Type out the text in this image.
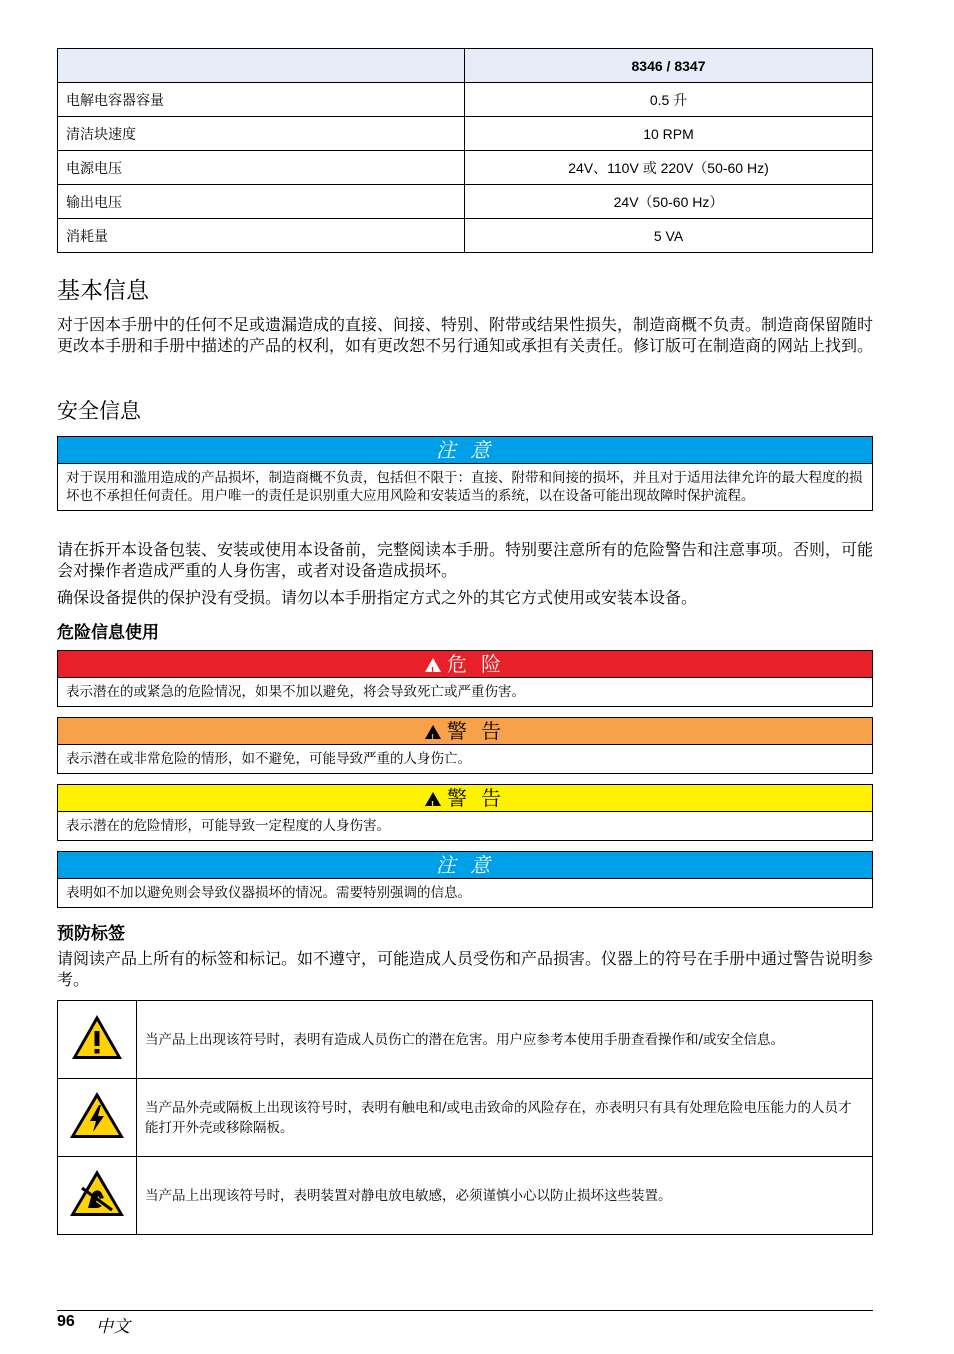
	8346 / 8347
电解电容器容量	0.5 升
清洁块速度	10 RPM
电源电压	24V、110V 或 220V（50-60 Hz)
输出电压	24V（50-60 Hz）
消耗量	5 VA
基本信息
对于因本手册中的任何不足或遗漏造成的直接、间接、特别、附带或结果性损失，制造商概不负责。制造商保留随时更改本手册和手册中描述的产品的权利，如有更改恕不另行通知或承担有关责任。修订版可在制造商的网站上找到。
安全信息
注 意
对于误用和滥用造成的产品损坏，制造商概不负责，包括但不限于：直接、附带和间接的损坏，并且对于适用法律允许的最大程度的损坏也不承担任何责任。用户唯一的责任是识别重大应用风险和安装适当的系统，以在设备可能出现故障时保护流程。
请在拆开本设备包装、安装或使用本设备前，完整阅读本手册。特别要注意所有的危险警告和注意事项。否则，可能会对操作者造成严重的人身伤害，或者对设备造成损坏。
确保设备提供的保护没有受损。请勿以本手册指定方式之外的其它方式使用或安装本设备。
危险信息使用
!危 险
表示潜在的或紧急的危险情况，如果不加以避免，将会导致死亡或严重伤害。
!警 告
表示潜在或非常危险的情形，如不避免，可能导致严重的人身伤亡。
!警 告
表示潜在的危险情形，可能导致一定程度的人身伤害。
注 意
表明如不加以避免则会导致仪器损坏的情况。需要特别强调的信息。
预防标签
请阅读产品上所有的标签和标记。如不遵守，可能造成人员受伤和产品损害。仪器上的符号在手册中通过警告说明参考。
	当产品上出现该符号时，表明有造成人员伤亡的潜在危害。用户应参考本使用手册查看操作和/或安全信息。
	当产品外壳或隔板上出现该符号时，表明有触电和/或电击致命的风险存在，亦表明只有具有处理危险电压能力的人员才能打开外壳或移除隔板。
	当产品上出现该符号时，表明装置对静电放电敏感，必须谨慎小心以防止损坏这些装置。
96 中文
